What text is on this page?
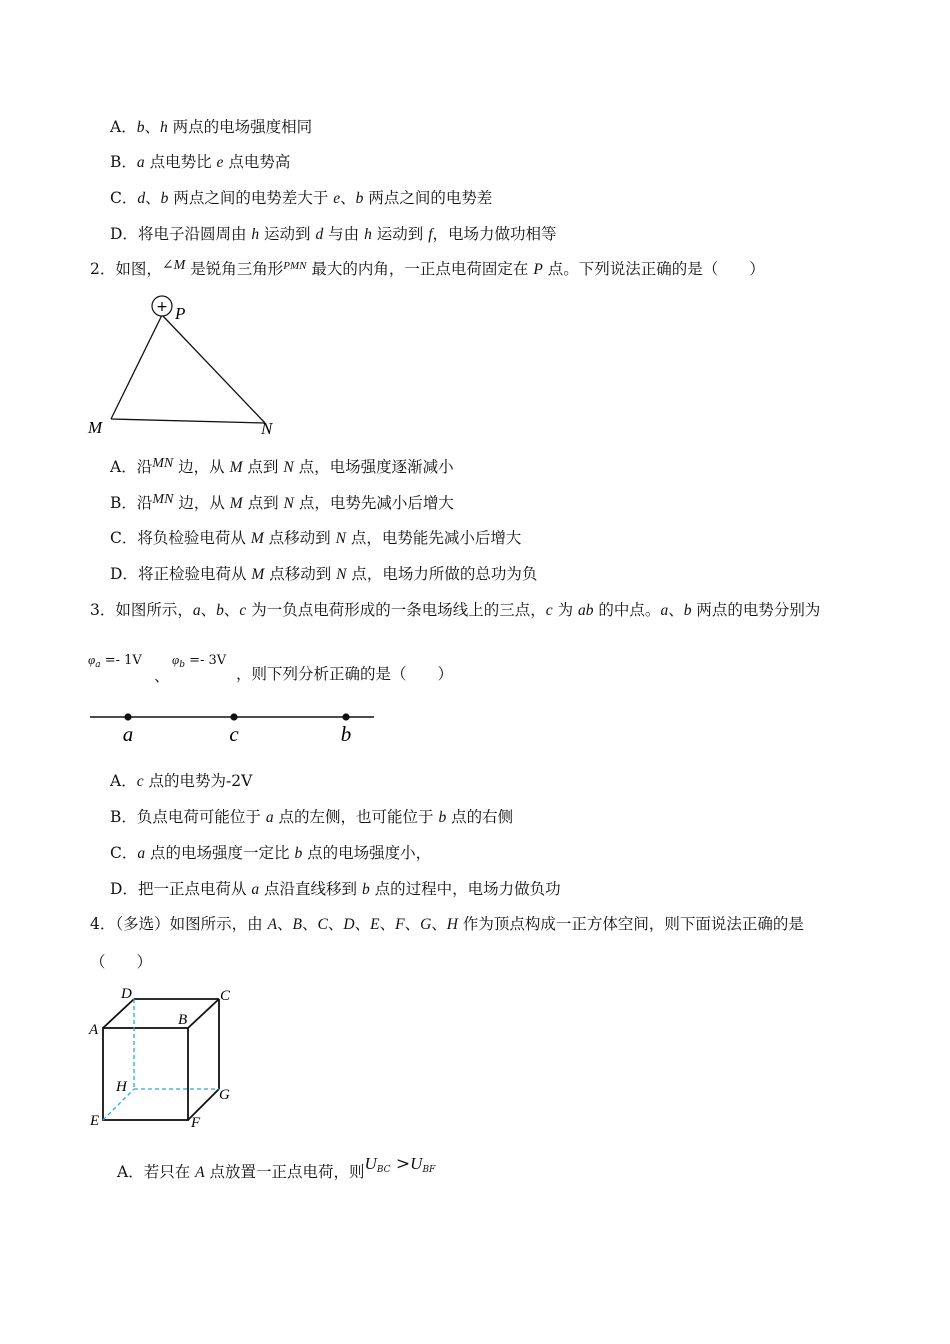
A．b、h 两点的电场强度相同
B．a 点电势比 e 点电势高
C．d、b 两点之间的电势差大于 e、b 两点之间的电势差
D．将电子沿圆周由 h 运动到 d 与由 h 运动到 f，电场力做功相等
2．如图，∠M 是锐角三角形$^{PMN}$ 最大的内角，一正点电荷固定在 P 点。下列说法正确的是（　　）
+ P
M	N
A．沿MN 边，从 M 点到 N 点，电场强度逐渐减小
B．沿MN 边，从 M 点到 N 点，电势先减小后增大
C．将负检验电荷从 M 点移动到 N 点，电势能先减小后增大
D．将正检验电荷从 M 点移动到 N 点，电场力所做的总功为负
3．如图所示，a、b、c 为一负点电荷形成的一条电场线上的三点，c 为 ab 的中点。a、b 两点的电势分别为
$\varphi_a =- 1V$
、
$\varphi_b =- 3V$
，则下列分析正确的是（　　）
a	c	b
A．c 点的电势为-2V
B．负点电荷可能位于 a 点的左侧，也可能位于 b 点的右侧
C．a 点的电场强度一定比 b 点的电场强度小，
D．把一正点电荷从 a 点沿直线移到 b 点的过程中，电场力做负功
4．（多选）如图所示，由 A、B、C、D、E、F、G、H 作为顶点构成一正方体空间，则下面说法正确的是
（　　）
D	C
A
B
H	G
E	F
A．若只在 A 点放置一正点电荷，则$U_{BC} >U_{BF}$
